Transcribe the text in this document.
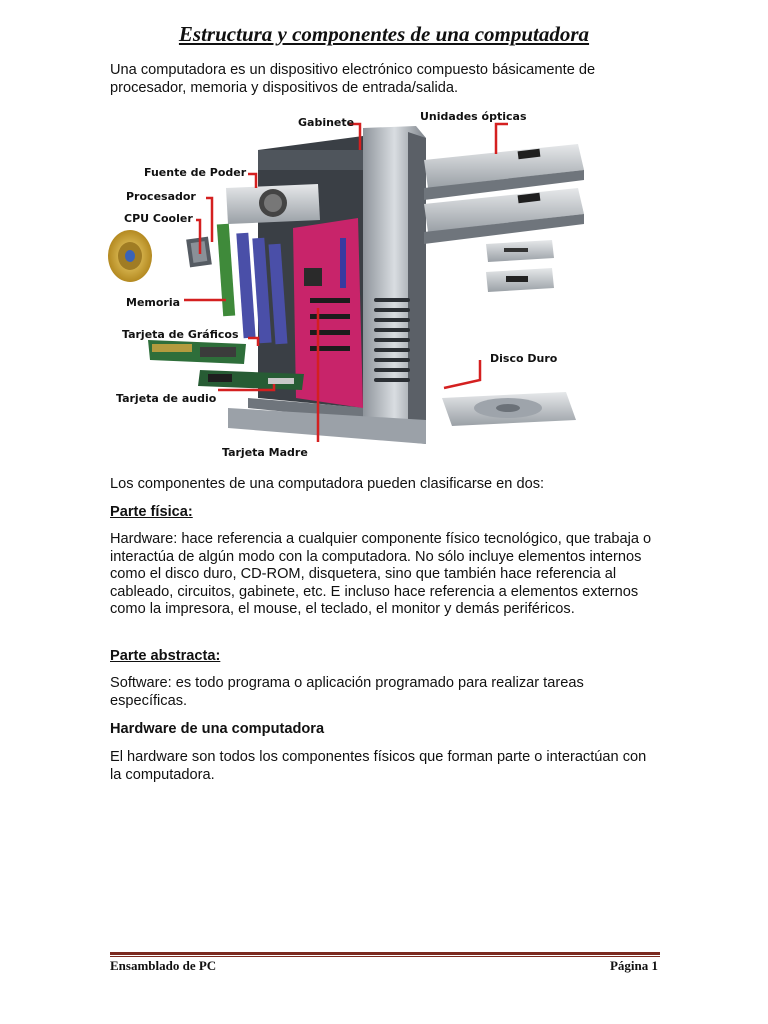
Estructura y componentes de una computadora
Una computadora es un dispositivo electrónico compuesto básicamente de procesador, memoria y dispositivos de entrada/salida.
Gabinete	Unidades ópticas
Fuente de Poder
Procesador
CPU Cooler
Memoria
Tarjeta de Gráficos
Disco Duro
Tarjeta de audio
Tarjeta Madre
Los componentes de una computadora pueden clasificarse en dos:
Parte física:
Hardware: hace referencia a cualquier componente físico tecnológico, que trabaja o interactúa de algún modo con la computadora. No sólo incluye elementos internos como el disco duro, CD-ROM, disquetera, sino que también hace referencia al cableado, circuitos, gabinete, etc. E incluso hace referencia a elementos externos como la impresora, el mouse, el teclado, el monitor y demás periféricos.
Parte abstracta:
Software: es todo programa o aplicación programado para realizar tareas específicas.
Hardware de una computadora
El hardware son todos los componentes físicos que forman parte o interactúan con la computadora.
Ensamblado de PC	Página 1
